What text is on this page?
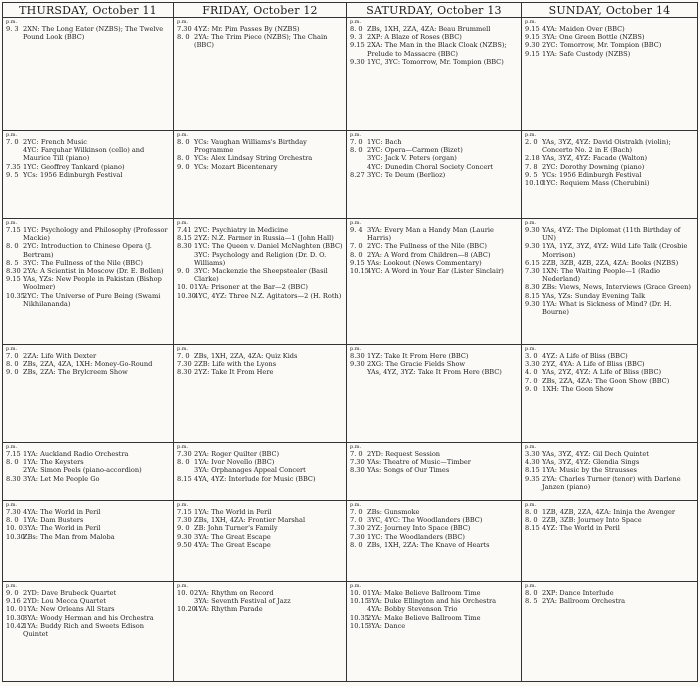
THURSDAY, October 11	FRIDAY, October 12	SATURDAY, October 13	SUNDAY, October 14
p.m.
9. 3 2XN: The Long Eater (NZBS); The Twelve Pound Look (BBC)
p.m.
7.30 4YZ: Mr. Pim Passes By (NZBS)
8. 0 2YA: The Trim Piece (NZBS); The Chain (BBC)
p.m.
8. 0 ZBs, 1XH, 2ZA, 4ZA: Beau Brummell
9. 3 2XP: A Blaze of Roses (BBC)
9.15 2XA: The Man in the Black Cloak (NZBS); Prelude to Massacre (BBC)
9.30 1YC, 3YC: Tomorrow, Mr. Tompion (BBC)
p.m.
9.15 4YA: Maiden Over (BBC)
9.15 3YA: One Green Bottle (NZBS)
9.30 2YC: Tomorrow, Mr. Tompion (BBC)
9.15 1YA: Safe Custody (NZBS)
p.m.
7. 0 2YC: French Music
4YC: Farquhar Wilkinson (cello) and Maurice Till (piano)
7.35 1YC: Geoffrey Tankard (piano)
9. 5 YCs: 1956 Edinburgh Festival
p.m.
8. 0 YCs: Vaughan Williams's Birthday Programme
8. 0 YCs: Alex Lindsay String Orchestra
9. 0 YCs: Mozart Bicentenary
p.m.
7. 0 1YC: Bach
8. 0 2YC: Opera—Carmen (Bizet)
3YC: Jack V. Peters (organ)
4YC: Dunedin Choral Society Concert
8.27 3YC: Te Deum (Berlioz)
p.m.
2. 0 YAs, 3YZ, 4YZ: David Oistrakh (violin); Concerto No. 2 in E (Bach)
2.18 YAs, 3YZ, 4YZ: Facade (Walton)
7. 8 2YC: Dorothy Downing (piano)
9. 5 YCs: 1956 Edinburgh Festival
10.10
1YC: Requiem Mass (Cherubini)
p.m.
7.15 1YC: Psychology and Philosophy (Professor Mackie)
8. 0 2YC: Introduction to Chinese Opera (J. Bertram)
8. 5 3YC: The Fullness of the Nile (BBC)
8.30 2YA: A Scientist in Moscow (Dr. E. Bollen)
9.15 YAs, YZs: New People in Pakistan (Bishop Woolmer)
10.35
2YC: The Universe of Pure Being (Swami Nikhilananda)
p.m.
7.41 2YC: Psychiatry in Medicine
8.15 2YZ: N.Z. Farmer in Russia—1 (John Hall)
8.30 1YC: The Queen v. Daniel McNaghten (BBC)
3YC: Psychology and Religion (Dr. D. O. Williams)
9. 0 3YC: Mackenzie the Sheepstealer (Basil Clarke)
10. 0 1YA: Prisoner at the Bar—2 (BBC)
10.30
4YC, 4YZ: Three N.Z. Agitators—2 (H. Roth)
p.m.
9. 4 3YA: Every Man a Handy Man (Laurie Harris)
7. 0 2YC: The Fullness of the Nile (BBC)
8. 0 2YA: A Word from Children—8 (ABC)
9.15 YAs: Lookout (News Commentary)
10.15
4YC: A Word in Your Ear (Lister Sinclair)
p.m.
9.30 YAs, 4YZ: The Diplomat (11th Birthday of UN)
9.30 1YA, 1YZ, 3YZ, 4YZ: Wild Life Talk (Crosbie Morrison)
6.15 2ZB, 3ZB, 4ZB, 2ZA, 4ZA: Books (NZBS)
7.30 1XN: The Waiting People—1 (Radio Nederland)
8.30 ZBs: Views, News, Interviews (Grace Green)
8.15 YAs, YZs: Sunday Evening Talk
9.30 1YA: What is Sickness of Mind? (Dr. H. Bourne)
p.m.
7. 0 2ZA: Life With Dexter
8. 0 ZBs, 2ZA, 4ZA, 1XH: Money-Go-Round
9. 0 ZBs, 2ZA: The Brylcreem Show
p.m.
7. 0 ZBs, 1XH, 2ZA, 4ZA: Quiz Kids
7.30 2ZB: Life with the Lyons
8.30 2YZ: Take It From Here
p.m.
8.30 1YZ: Take It From Here (BBC)
9.30 2XG: The Gracie Fields Show
YAs, 4YZ, 3YZ: Take It From Here (BBC)
p.m.
3. 0 4YZ: A Life of Bliss (BBC)
3.30 2YZ, 4YA: A Life of Bliss (BBC)
4. 0 YAs, 2YZ, 4YZ: A Life of Bliss (BBC)
7. 0 ZBs, 2ZA, 4ZA: The Goon Show (BBC)
9. 0 1XH: The Goon Show
p.m.
7.15 1YA: Auckland Radio Orchestra
8. 0 1YA: The Keysters
2YA: Simon Peels (piano-accordion)
8.30 3YA: Let Me People Go
p.m.
7.30 2YA: Roger Quilter (BBC)
8. 0 1YA: Ivor Novello (BBC)
3YA: Orphanages Appeal Concert
8.15 4YA, 4YZ: Interlude for Music (BBC)
p.m.
7. 0 2YD: Request Session
7.30 YAs: Theatre of Music—Timber
8.30 YAs: Songs of Our Times
p.m.
3.30 YAs, 3YZ, 4YZ: Gil Dech Quintet
4.30 YAs, 3YZ, 4YZ: Glendia Sings
8.15 1YA: Music by the Strausses
9.35 2YA: Charles Turner (tenor) with Darlene Janzen (piano)
p.m.
7.30 4YA: The World in Peril
8. 0 1YA: Dam Busters
10. 0 3YA: The World in Peril
10.30
ZBs: The Man from Maloba
p.m.
7.15 1YA: The World in Peril
7.30 ZBs, 1XH, 4ZA: Frontier Marshal
9. 0 ZB: John Turner's Family
9.30 3YA: The Great Escape
9.50 4YA: The Great Escape
p.m.
7. 0 ZBs: Gunsmoke
7. 0 3YC, 4YC: The Woodlanders (BBC)
7.30 2YZ: Journey Into Space (BBC)
7.30 1YC: The Woodlanders (BBC)
8. 0 ZBs, 1XH, 2ZA: The Knave of Hearts
p.m.
8. 0 1ZB, 4ZB, 2ZA, 4ZA: Ininja the Avenger
8. 0 2ZB, 3ZB: Journey Into Space
8.15 4YZ: The World in Peril
p.m.
9. 0 2YD: Dave Brubeck Quartet
9.16 2YD: Lou Mecca Quartet
10. 0 1YA: New Orleans All Stars
10.30
3YA: Woody Herman and his Orchestra
10.42
1YA: Buddy Rich and Sweets Edison Quintet
p.m.
10. 0 2YA: Rhythm on Record
3YA: Seventh Festival of Jazz
10.20
4YA: Rhythm Parade
p.m.
10. 0 1YA: Make Believe Ballroom Time
10.15
3YA: Duke Ellington and his Orchestra
4YA: Bobby Stevenson Trio
10.35
2YA: Make Believe Ballroom Time
10.15
3YA: Dance
p.m.
8. 0 2XP: Dance Interlude
8. 5 2YA: Ballroom Orchestra
